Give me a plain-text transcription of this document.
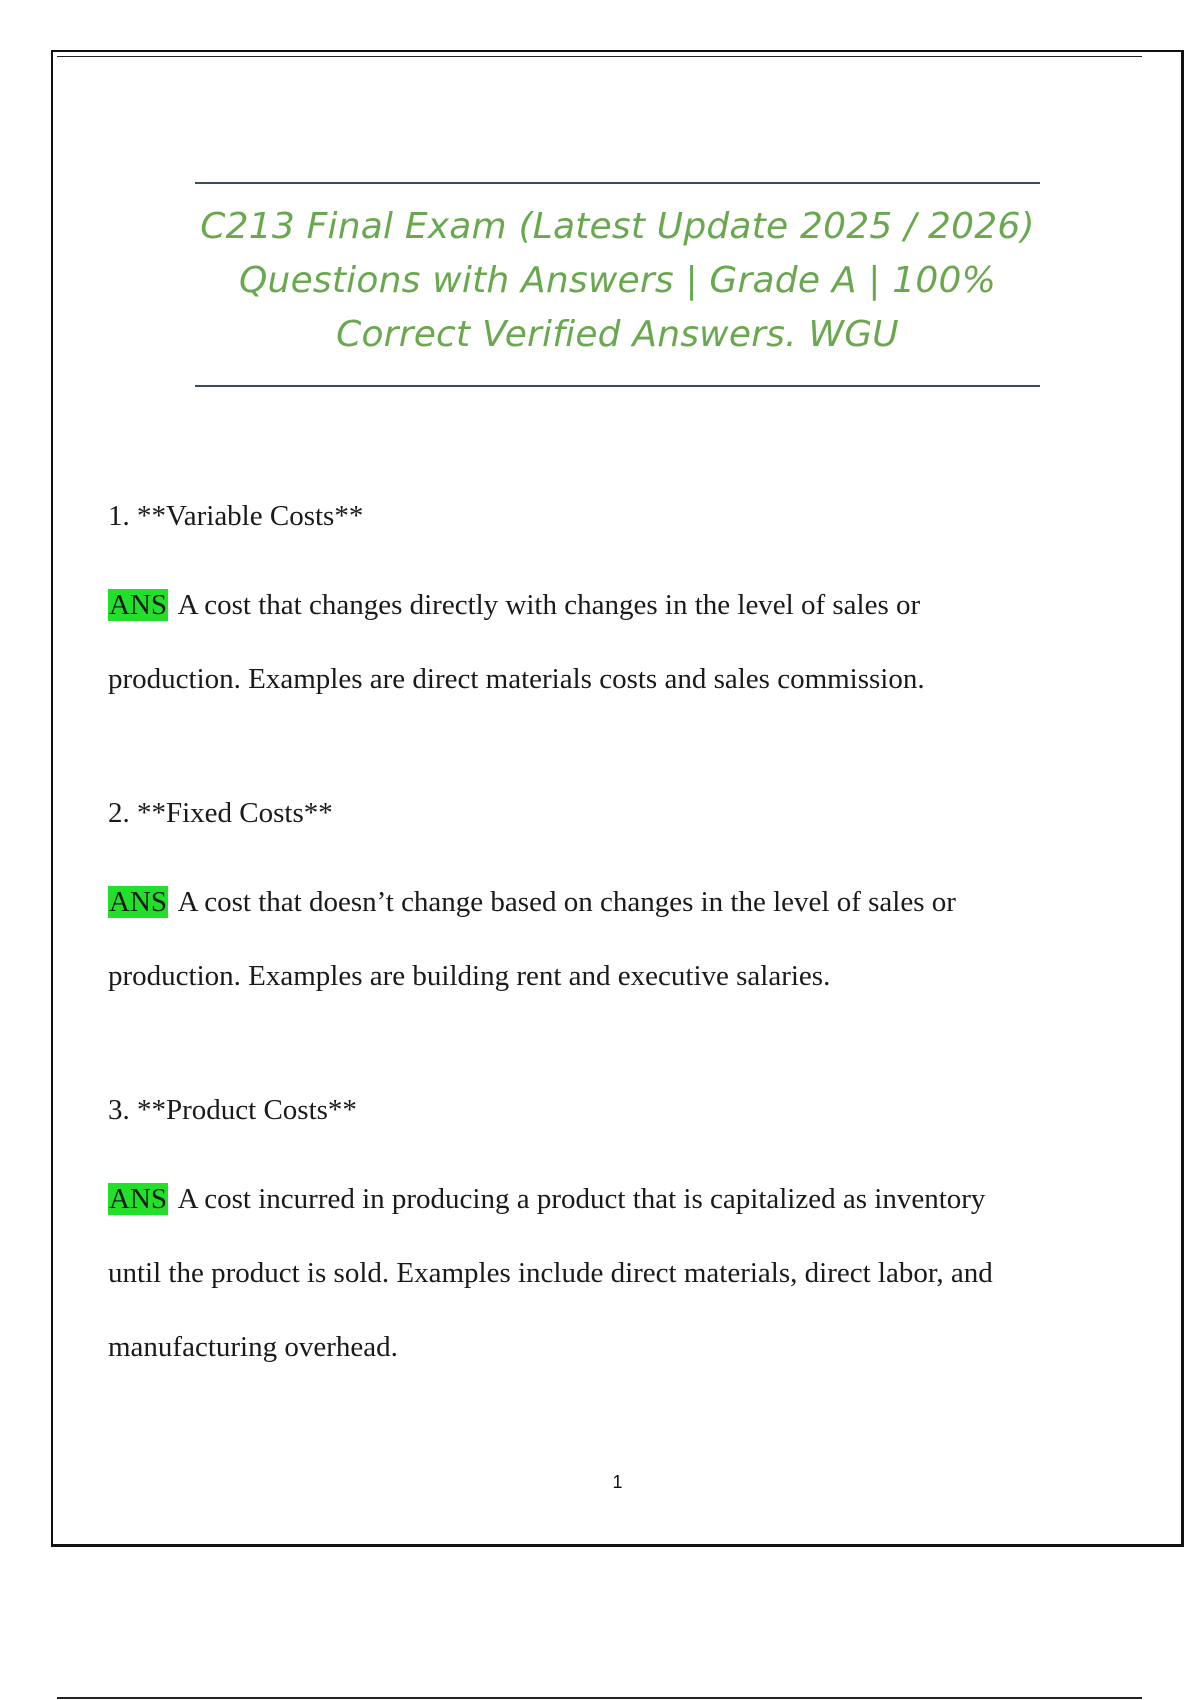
C213 Final Exam (Latest Update 2025 / 2026)
Questions with Answers | Grade A | 100%
Correct Verified Answers. WGU
1. **Variable Costs**
ANS A cost that changes directly with changes in the level of sales or
production. Examples are direct materials costs and sales commission.
2. **Fixed Costs**
ANS A cost that doesn’t change based on changes in the level of sales or
production. Examples are building rent and executive salaries.
3. **Product Costs**
ANS A cost incurred in producing a product that is capitalized as inventory
until the product is sold. Examples include direct materials, direct labor, and
manufacturing overhead.
1
